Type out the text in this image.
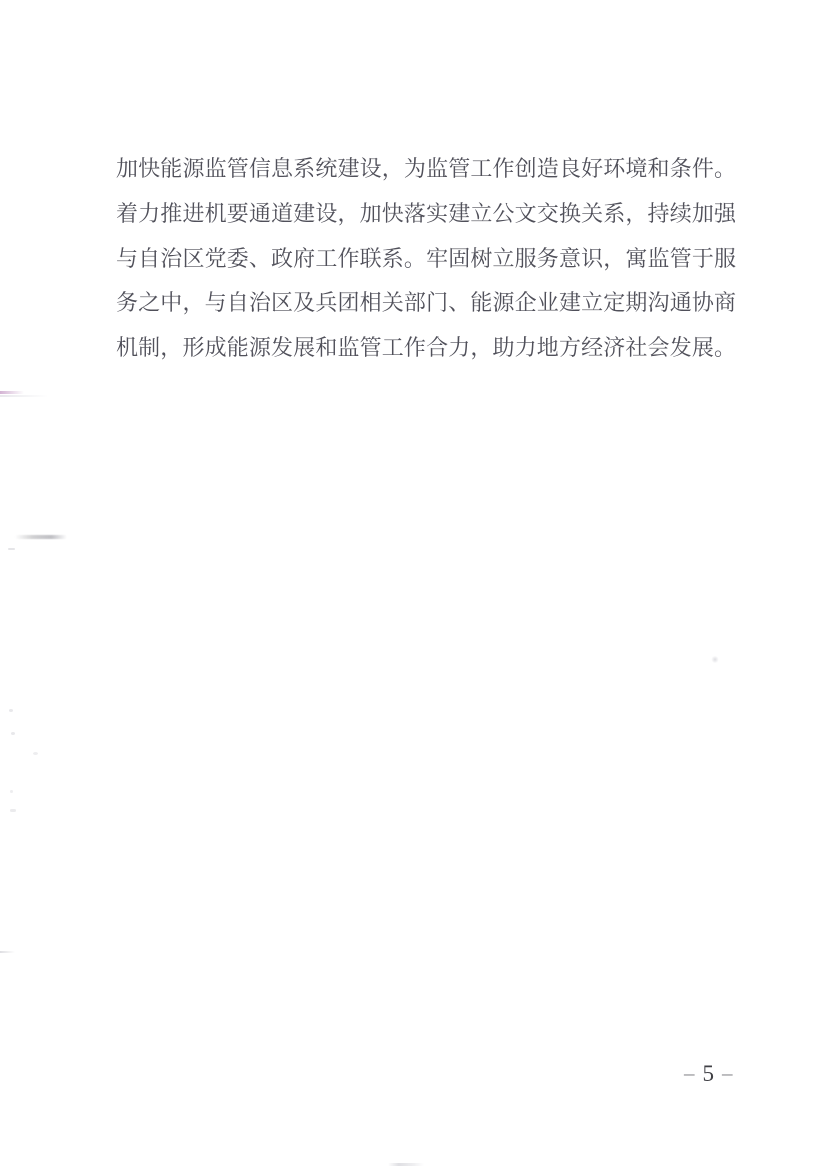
加快能源监管信息系统建设，为监管工作创造良好环境和条件。
着力推进机要通道建设，加快落实建立公文交换关系，持续加强
与自治区党委、政府工作联系。牢固树立服务意识，寓监管于服
务之中，与自治区及兵团相关部门、能源企业建立定期沟通协商
机制，形成能源发展和监管工作合力，助力地方经济社会发展。
– 5 –
